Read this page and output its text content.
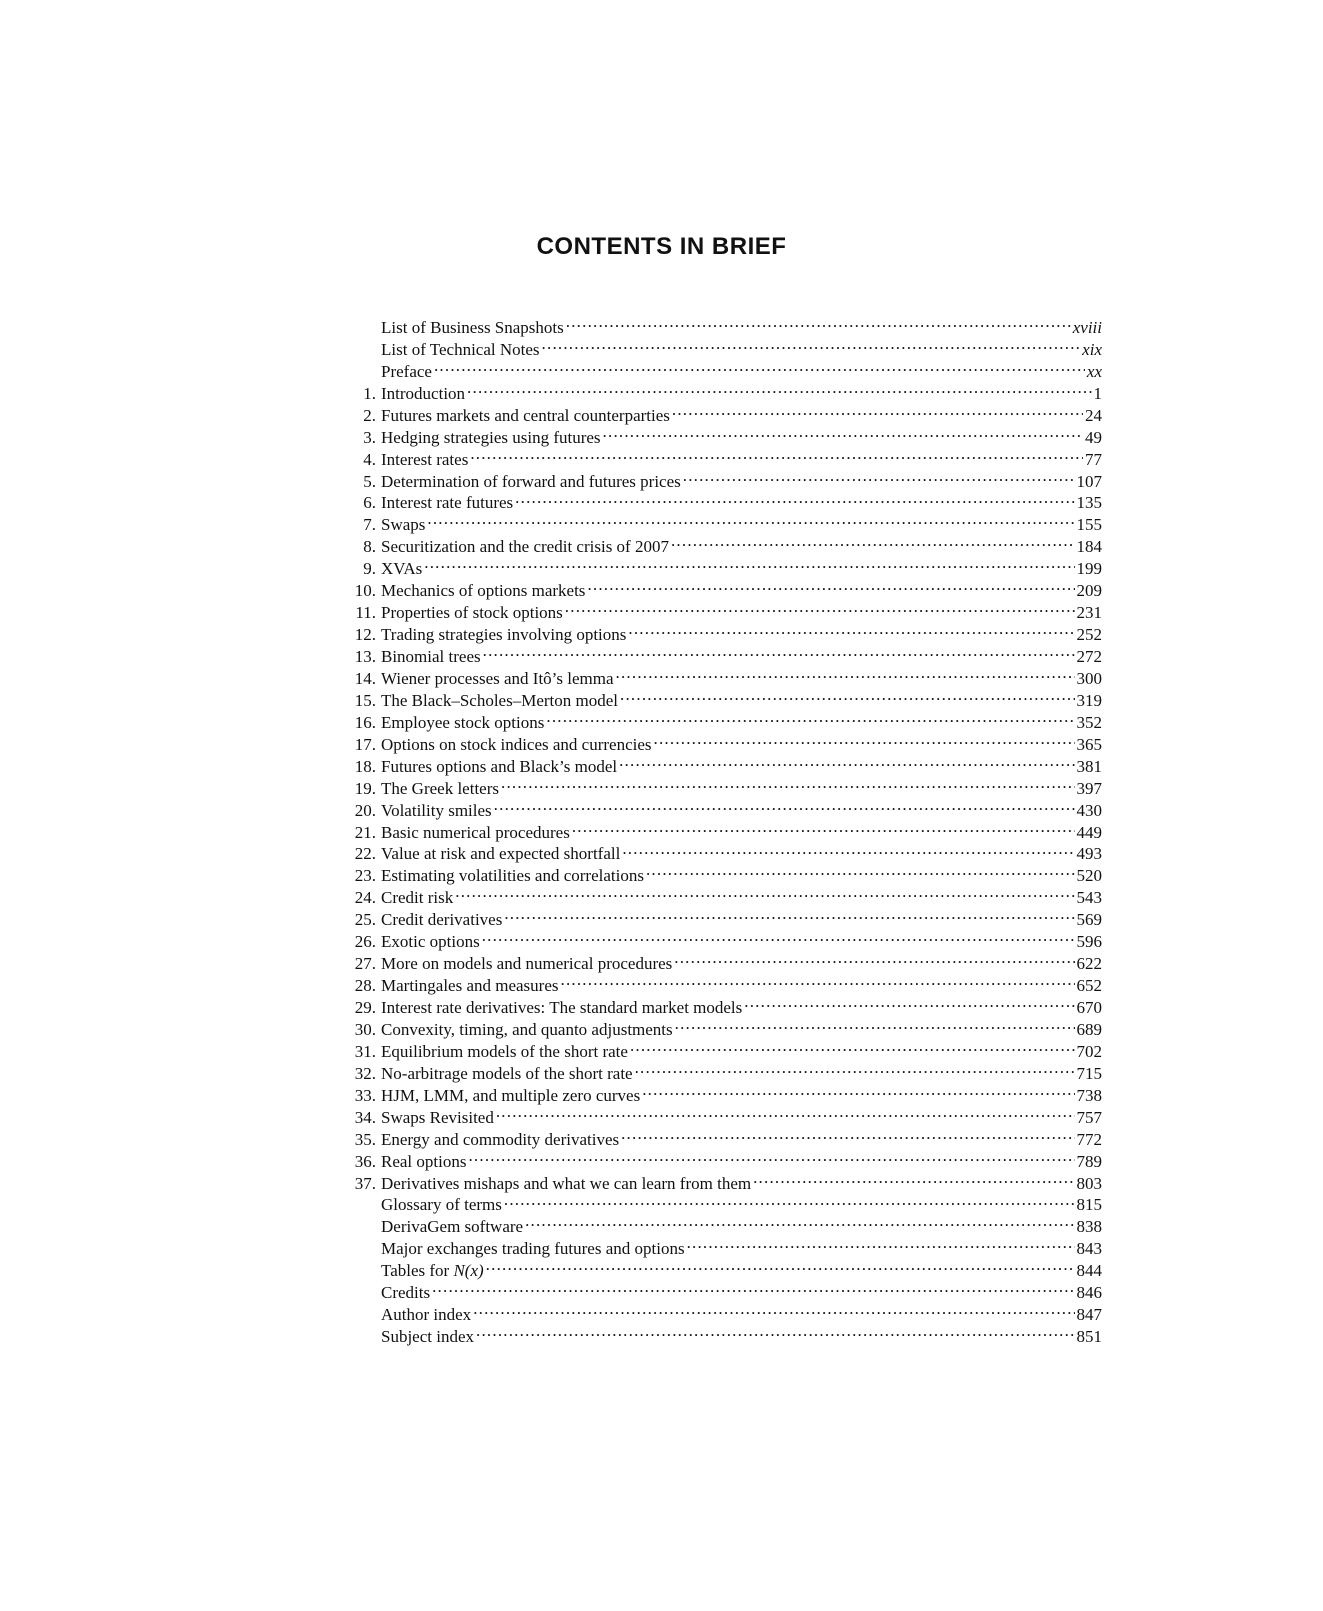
CONTENTS IN BRIEF
List of Business Snapshots .....	xviii
List of Technical Notes .....	xix
Preface .....	xx
1. Introduction .....	1
2. Futures markets and central counterparties .....	24
3. Hedging strategies using futures .....	49
4. Interest rates .....	77
5. Determination of forward and futures prices .....	107
6. Interest rate futures .....	135
7. Swaps .....	155
8. Securitization and the credit crisis of 2007 .....	184
9. XVAs .....	199
10. Mechanics of options markets .....	209
11. Properties of stock options .....	231
12. Trading strategies involving options .....	252
13. Binomial trees .....	272
14. Wiener processes and Itô’s lemma .....	300
15. The Black–Scholes–Merton model .....	319
16. Employee stock options .....	352
17. Options on stock indices and currencies .....	365
18. Futures options and Black’s model .....	381
19. The Greek letters .....	397
20. Volatility smiles .....	430
21. Basic numerical procedures .....	449
22. Value at risk and expected shortfall .....	493
23. Estimating volatilities and correlations .....	520
24. Credit risk .....	543
25. Credit derivatives .....	569
26. Exotic options .....	596
27. More on models and numerical procedures .....	622
28. Martingales and measures .....	652
29. Interest rate derivatives: The standard market models .....	670
30. Convexity, timing, and quanto adjustments .....	689
31. Equilibrium models of the short rate .....	702
32. No-arbitrage models of the short rate .....	715
33. HJM, LMM, and multiple zero curves .....	738
34. Swaps Revisited .....	757
35. Energy and commodity derivatives .....	772
36. Real options .....	789
37. Derivatives mishaps and what we can learn from them .....	803
Glossary of terms .....	815
DerivaGem software .....	838
Major exchanges trading futures and options .....	843
Tables for N(x) .....	844
Credits .....	846
Author index .....	847
Subject index .....	851
